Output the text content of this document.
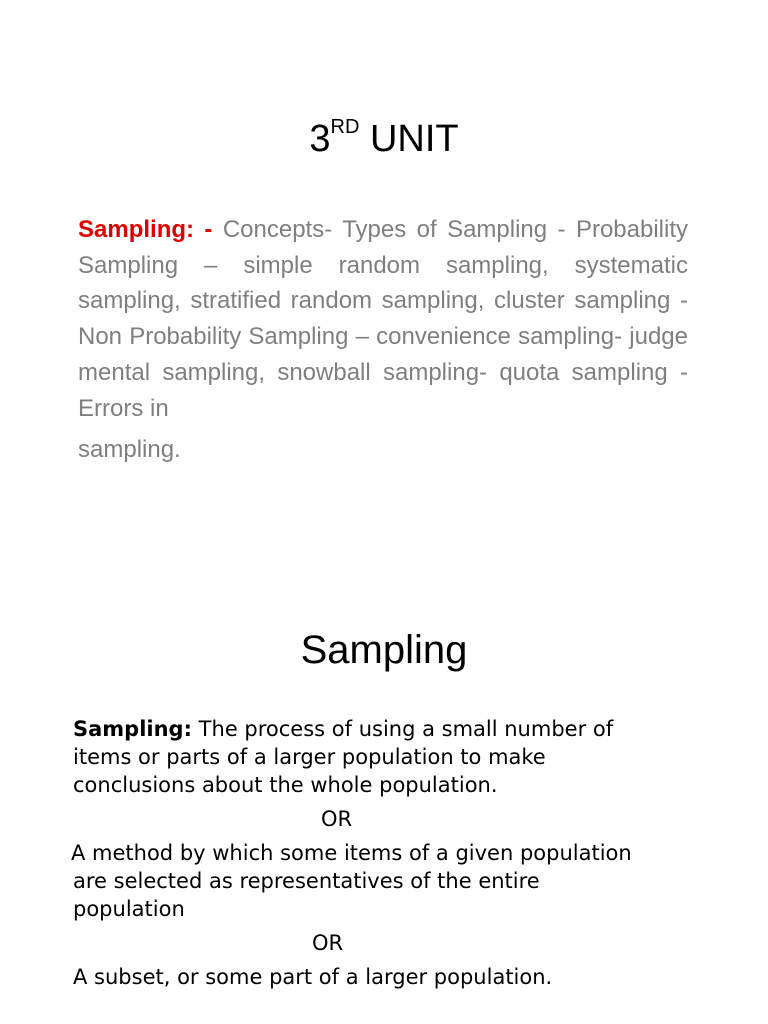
3RD UNIT
Sampling: - Concepts- Types of Sampling - Probability Sampling – simple random sampling, systematic sampling, stratified random sampling, cluster sampling -Non Probability Sampling – convenience sampling- judge mental sampling, snowball sampling- quota sampling - Errors in
sampling.
Sampling
Sampling: The process of using a small number of
items or parts of a larger population to make
conclusions about the whole population.
OR
A method by which some items of a given population
are selected as representatives of the entire
population
OR
A subset, or some part of a larger population.
